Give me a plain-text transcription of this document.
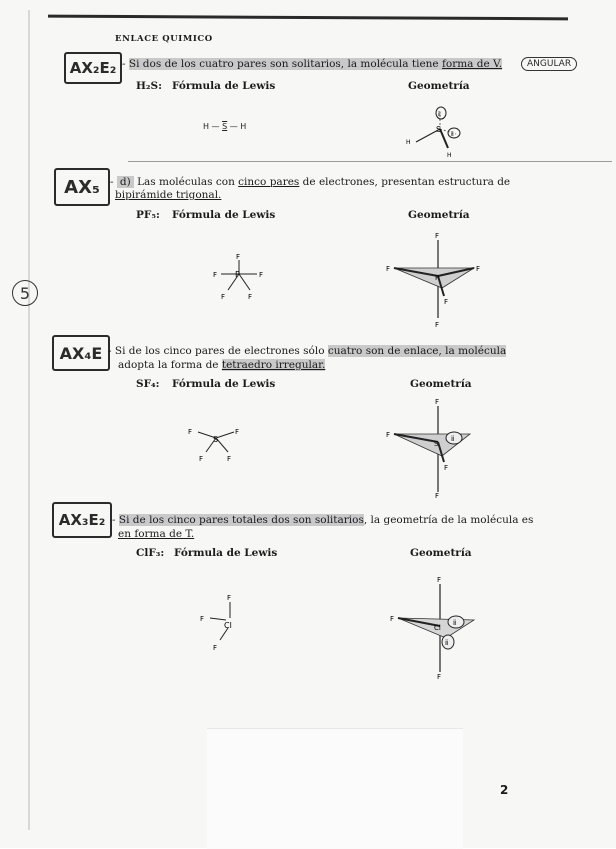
ENLACE QUIMICO
AX₂E₂ - Si dos de los cuatro pares son solitarios, la molécula tiene forma de V.	ANGULAR
H₂S: Fórmula de Lewis	Geometría
H — S — H
ⅱ
ⅱ
S
H
H
AX₅ - d) Las moléculas con cinco pares de electrones, presentan estructura de
bipirámide trigonal.
PF₅: Fórmula de Lewis	Geometría
F
F	F
F	F
P
F
F	F
F
F
P
AX₄E - Si de los cinco pares de electrones sólo cuatro son de enlace, la molécula
adopta la forma de tetraedro irregular.
SF₄: Fórmula de Lewis	Geometría
S
F	F
F	F
ⅱ
F
F
F
F
S
AX₃E₂ - Si de los cinco pares totales dos son solitarios, la geometría de la molécula es
en forma de T.
ClF₃: Fórmula de Lewis	Geometría
Cl
F
F
F
ⅱ
ⅱ
F
F
F
Cl
5
2
